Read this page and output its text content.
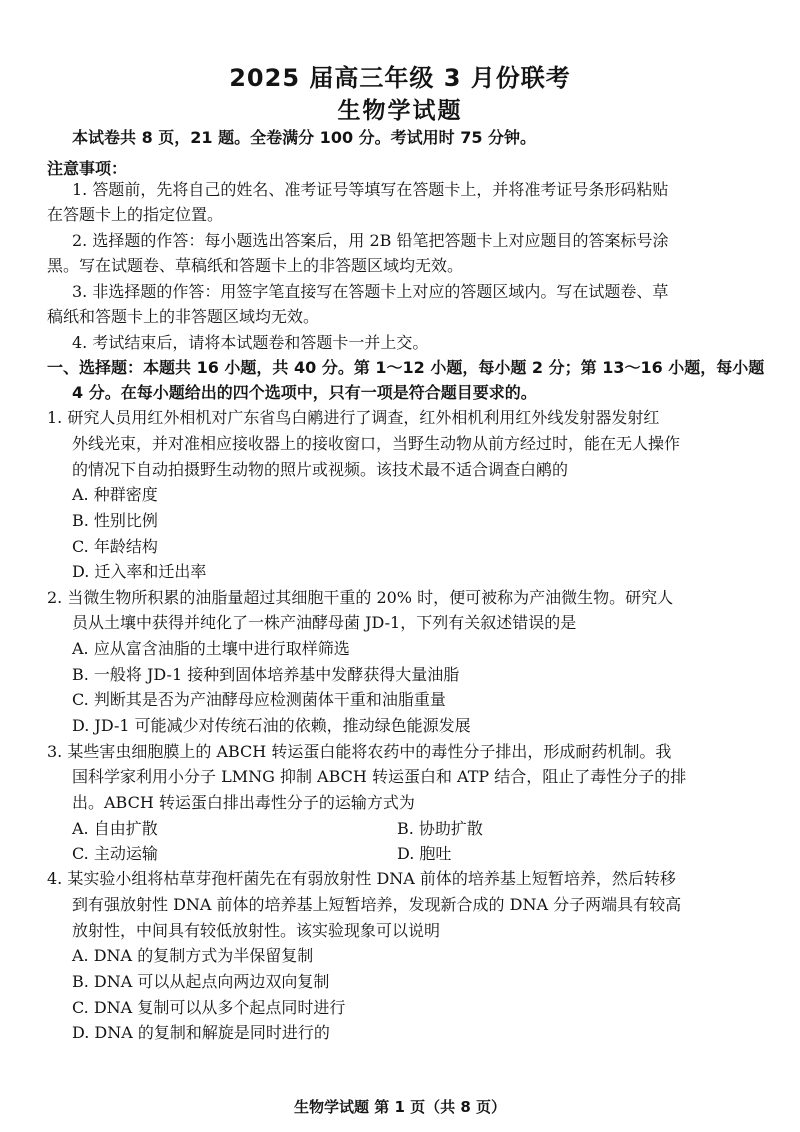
2025 届高三年级 3 月份联考
生物学试题
本试卷共 8 页，21 题。全卷满分 100 分。考试用时 75 分钟。
注意事项：
1. 答题前，先将自己的姓名、准考证号等填写在答题卡上，并将准考证号条形码粘贴
在答题卡上的指定位置。
2. 选择题的作答：每小题选出答案后，用 2B 铅笔把答题卡上对应题目的答案标号涂
黑。写在试题卷、草稿纸和答题卡上的非答题区域均无效。
3. 非选择题的作答：用签字笔直接写在答题卡上对应的答题区域内。写在试题卷、草
稿纸和答题卡上的非答题区域均无效。
4. 考试结束后，请将本试题卷和答题卡一并上交。
一、选择题：本题共 16 小题，共 40 分。第 1～12 小题，每小题 2 分；第 13～16 小题，每小题
4 分。在每小题给出的四个选项中，只有一项是符合题目要求的。
1. 研究人员用红外相机对广东省鸟白鹇进行了调查，红外相机利用红外线发射器发射红
外线光束，并对准相应接收器上的接收窗口，当野生动物从前方经过时，能在无人操作
的情况下自动拍摄野生动物的照片或视频。该技术最不适合调查白鹇的
A. 种群密度
B. 性别比例
C. 年龄结构
D. 迁入率和迁出率
2. 当微生物所积累的油脂量超过其细胞干重的 20% 时，便可被称为产油微生物。研究人
员从土壤中获得并纯化了一株产油酵母菌 JD-1，下列有关叙述错误的是
A. 应从富含油脂的土壤中进行取样筛选
B. 一般将 JD-1 接种到固体培养基中发酵获得大量油脂
C. 判断其是否为产油酵母应检测菌体干重和油脂重量
D. JD-1 可能减少对传统石油的依赖，推动绿色能源发展
3. 某些害虫细胞膜上的 ABCH 转运蛋白能将农药中的毒性分子排出，形成耐药机制。我
国科学家利用小分子 LMNG 抑制 ABCH 转运蛋白和 ATP 结合，阻止了毒性分子的排
出。ABCH 转运蛋白排出毒性分子的运输方式为
A. 自由扩散	B. 协助扩散
C. 主动运输	D. 胞吐
4. 某实验小组将枯草芽孢杆菌先在有弱放射性 DNA 前体的培养基上短暂培养，然后转移
到有强放射性 DNA 前体的培养基上短暂培养，发现新合成的 DNA 分子两端具有较高
放射性，中间具有较低放射性。该实验现象可以说明
A. DNA 的复制方式为半保留复制
B. DNA 可以从起点向两边双向复制
C. DNA 复制可以从多个起点同时进行
D. DNA 的复制和解旋是同时进行的
生物学试题 第 1 页（共 8 页）
